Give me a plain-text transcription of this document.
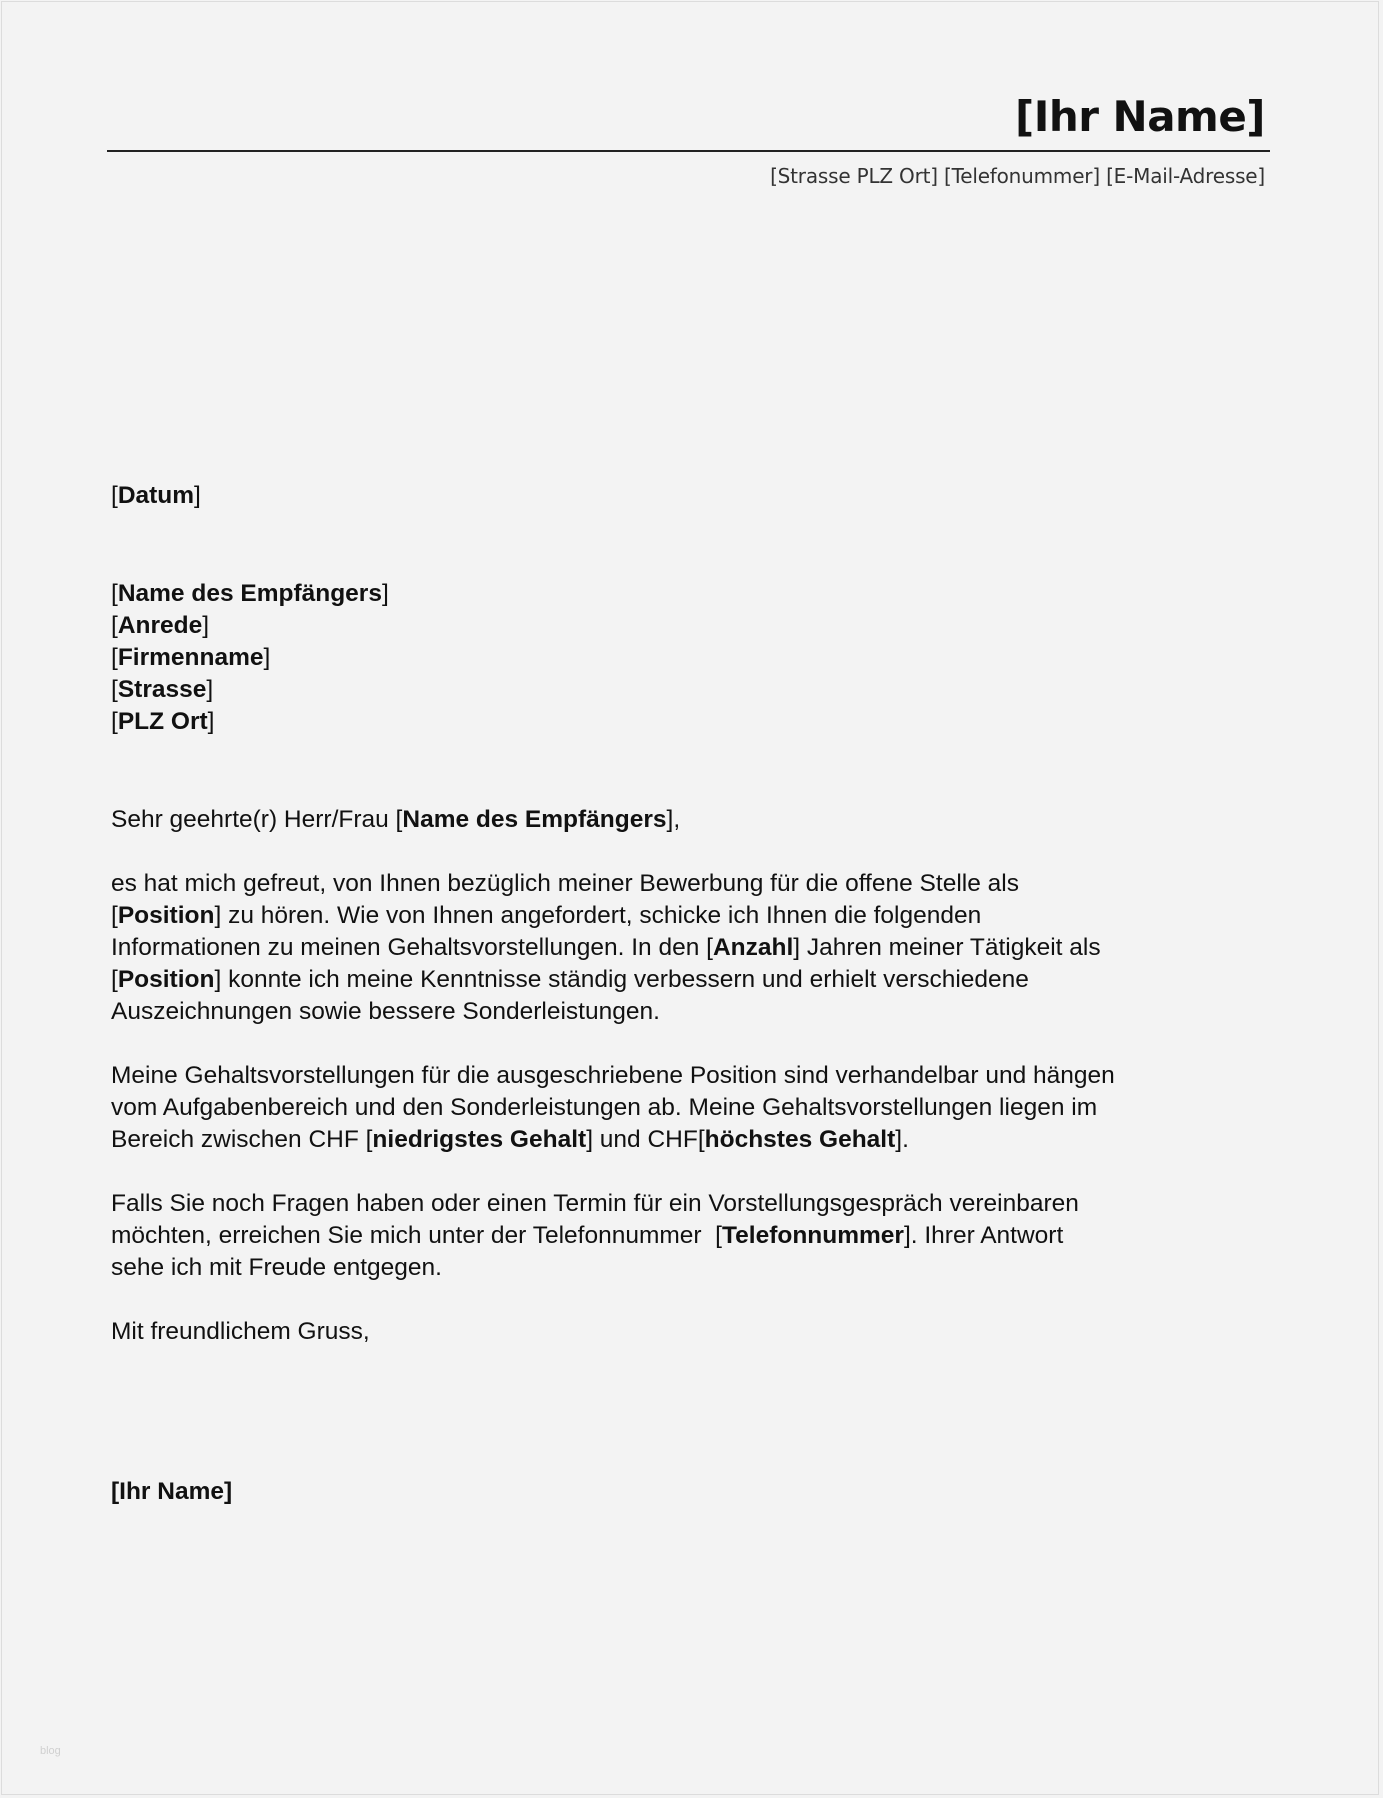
[Ihr Name]
[Strasse PLZ Ort] [Telefonummer] [E-Mail-Adresse]
[Datum]
[Name des Empfängers]
[Anrede]
[Firmenname]
[Strasse]
[PLZ Ort]
Sehr geehrte(r) Herr/Frau [Name des Empfängers],
es hat mich gefreut, von Ihnen bezüglich meiner Bewerbung für die offene Stelle als
[Position] zu hören. Wie von Ihnen angefordert, schicke ich Ihnen die folgenden
Informationen zu meinen Gehaltsvorstellungen. In den [Anzahl] Jahren meiner Tätigkeit als
[Position] konnte ich meine Kenntnisse ständig verbessern und erhielt verschiedene
Auszeichnungen sowie bessere Sonderleistungen.
Meine Gehaltsvorstellungen für die ausgeschriebene Position sind verhandelbar und hängen
vom Aufgabenbereich und den Sonderleistungen ab. Meine Gehaltsvorstellungen liegen im
Bereich zwischen CHF [niedrigstes Gehalt] und CHF[höchstes Gehalt].
Falls Sie noch Fragen haben oder einen Termin für ein Vorstellungsgespräch vereinbaren
möchten, erreichen Sie mich unter der Telefonnummer  [Telefonnummer]. Ihrer Antwort
sehe ich mit Freude entgegen.
Mit freundlichem Gruss,
[Ihr Name]
blog
